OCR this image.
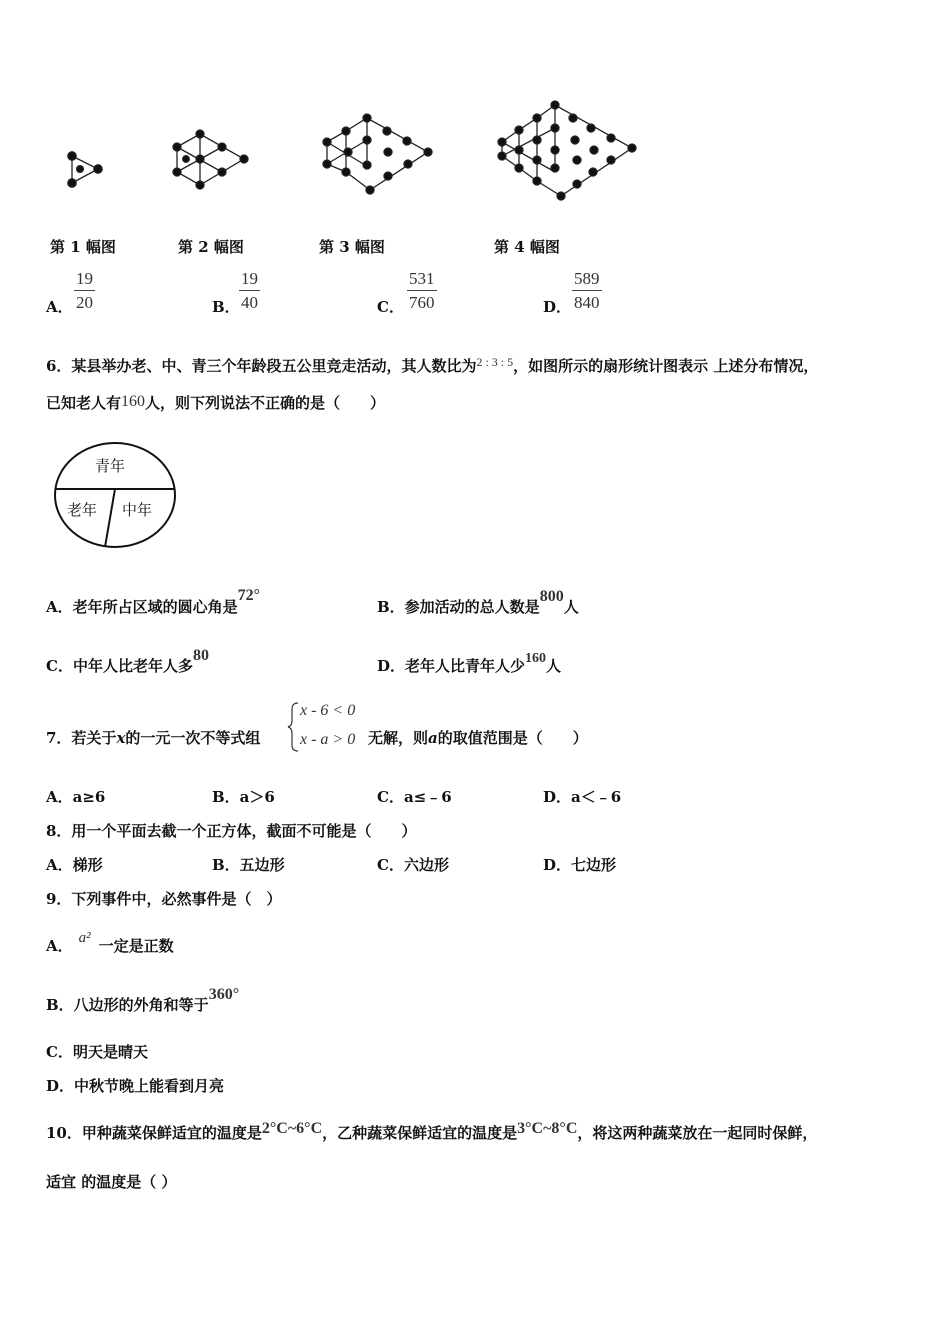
第 1 幅图	第 2 幅图	第 3 幅图	第 4 幅图
A． $\frac{19}{20}$	B． $\frac{19}{40}$	C． $\frac{531}{760}$	D． $\frac{589}{840}$
6．某县举办老、中、青三个年龄段五公里竞走活动，其人数比为$^{2 : 3 : 5}$，如图所示的扇形统计图表示 上述分布情况，
已知老人有160人，则下列说法不正确的是（　　）
青年
老年 中年
A．老年所占区域的圆心角是72°
B．参加活动的总人数是800人
C．中年人比老年人多80
D．老年人比青年人少160人
7．若关于x的一元一次不等式组
x - 6 < 0
x - a > 0 无解，则a的取值范围是（　　）
A．a≥6	B．a＞6	C．a≤﹣6	D．a＜﹣6
8．用一个平面去截一个正方体，截面不可能是（　　）
A．梯形	B．五边形	C．六边形	D．七边形
9．下列事件中，必然事件是（　）
A． a² 一定是正数
B．八边形的外角和等于360°
C．明天是晴天
D．中秋节晚上能看到月亮
10．甲种蔬菜保鲜适宜的温度是2°C~6°C，乙种蔬菜保鲜适宜的温度是3°C~8°C，将这两种蔬菜放在一起同时保鲜，
适宜 的温度是（ ）
